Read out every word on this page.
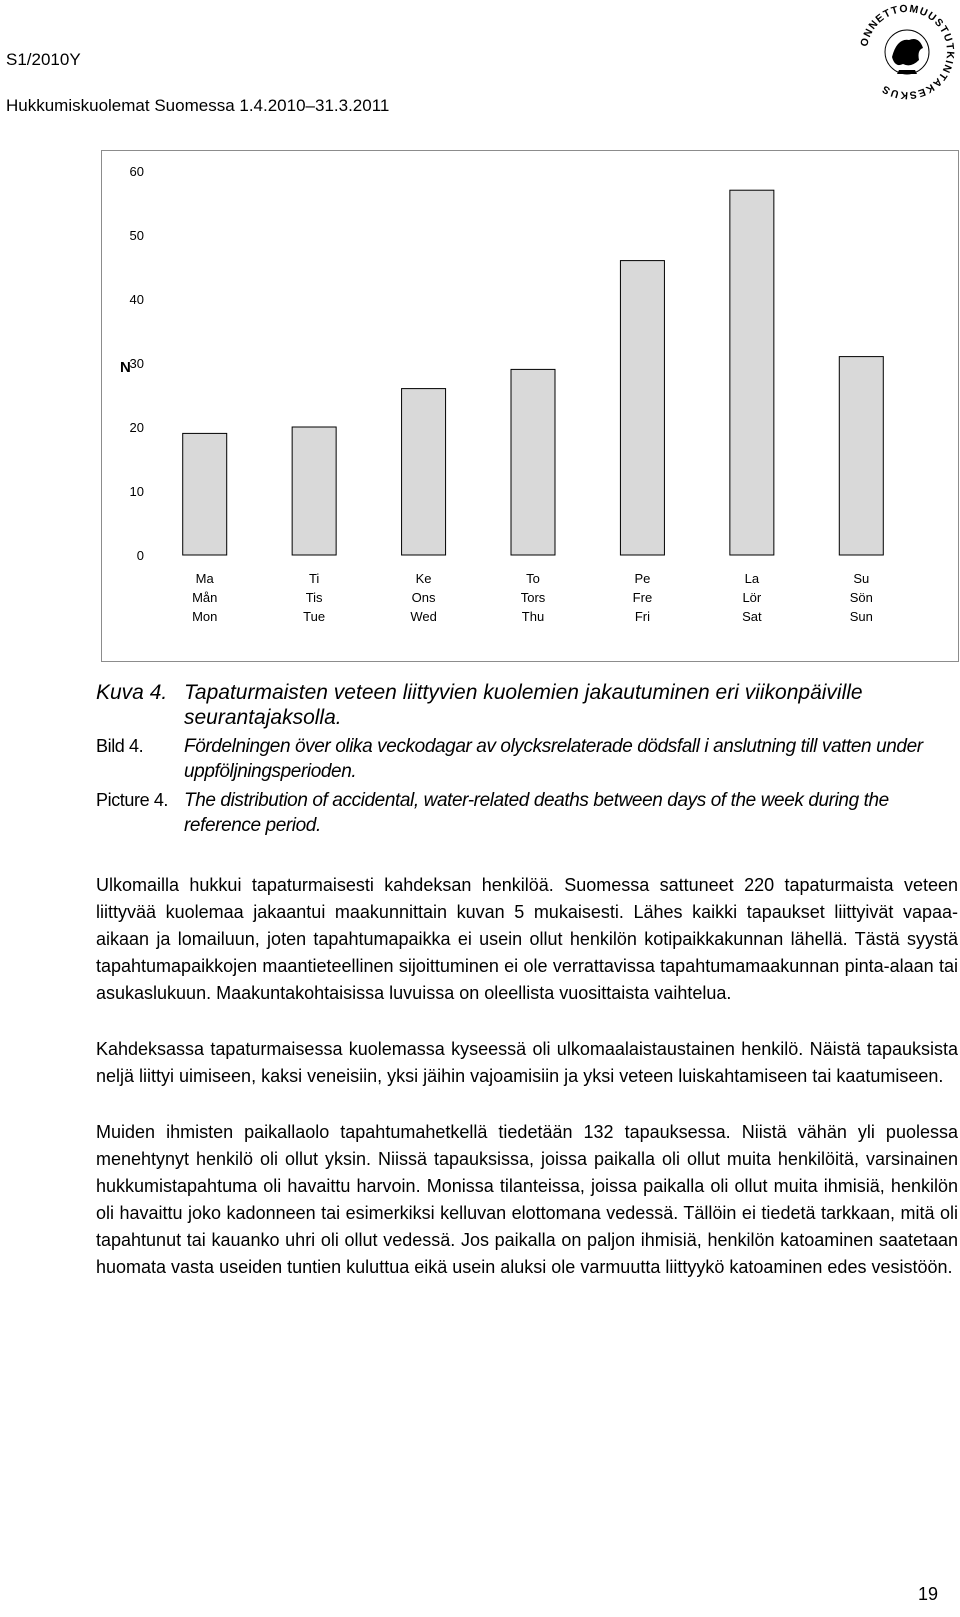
S1/2010Y
Hukkumiskuolemat Suomessa 1.4.2010–31.3.2011
ONNETTOMUUSTUTKINTAKESKUS
N
0
10
20
30
40
50
60
Ma
Mån
Mon
Ti
Tis
Tue
Ke
Ons
Wed
To
Tors
Thu
Pe
Fre
Fri
La
Lör
Sat
Su
Sön
Sun
Kuva 4. Tapaturmaisten veteen liittyvien kuolemien jakautuminen eri viikonpäiville seurantajaksolla.
Bild 4. Fördelningen över olika veckodagar av olycksrelaterade dödsfall i anslutning till vatten under uppföljningsperioden.
Picture 4. The distribution of accidental, water-related deaths between days of the week during the reference period.

Ulkomailla hukkui tapaturmaisesti kahdeksan henkilöä. Suomessa sattuneet 220 tapaturmaista veteen liittyvää kuolemaa jakaantui maakunnittain kuvan 5 mukaisesti. Lähes kaikki tapaukset liittyivät vapaa-aikaan ja lomailuun, joten tapahtumapaikka ei usein ollut henkilön kotipaikkakunnan lähellä. Tästä syystä tapahtumapaikkojen maantieteellinen sijoittuminen ei ole verrattavissa tapahtumamaakunnan pinta-alaan tai asukaslukuun. Maakuntakohtaisissa luvuissa on oleellista vuosittaista vaihtelua.

Kahdeksassa tapaturmaisessa kuolemassa kyseessä oli ulkomaalaistaustainen henkilö. Näistä tapauksista neljä liittyi uimiseen, kaksi veneisiin, yksi jäihin vajoamisiin ja yksi veteen luiskahtamiseen tai kaatumiseen.

Muiden ihmisten paikallaolo tapahtumahetkellä tiedetään 132 tapauksessa. Niistä vähän yli puolessa menehtynyt henkilö oli ollut yksin. Niissä tapauksissa, joissa paikalla oli ollut muita henkilöitä, varsinainen hukkumistapahtuma oli havaittu harvoin. Monissa tilanteissa, joissa paikalla oli ollut muita ihmisiä, henkilön oli havaittu joko kadonneen tai esimerkiksi kelluvan elottomana vedessä. Tällöin ei tiedetä tarkkaan, mitä oli tapahtunut tai kauanko uhri oli ollut vedessä. Jos paikalla on paljon ihmisiä, henkilön katoaminen saatetaan huomata vasta useiden tuntien kuluttua eikä usein aluksi ole varmuutta liittyykö katoaminen edes vesistöön.

19
